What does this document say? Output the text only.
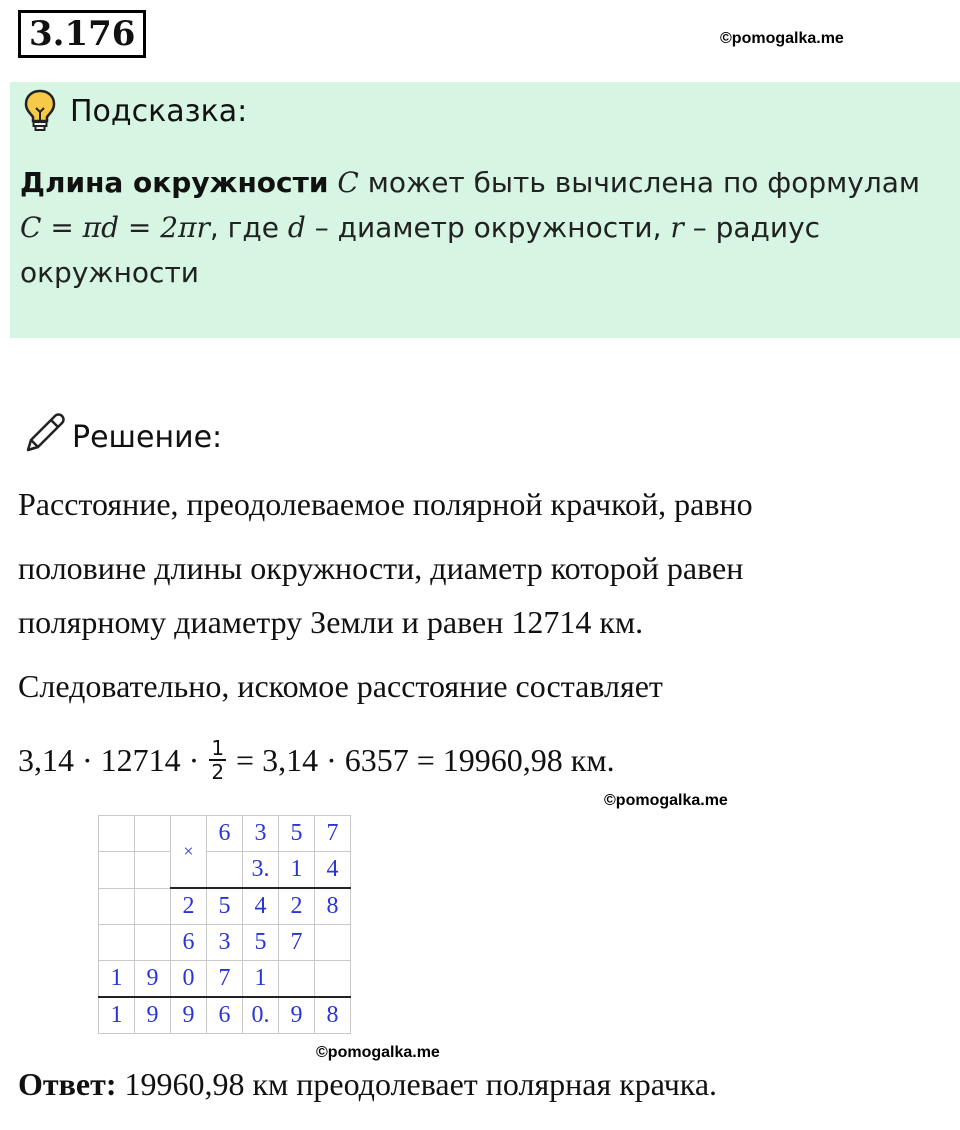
3.176	©pomogalka.me
Подсказка:
Длина окружности C может быть вычислена по формулам
C = πd = 2πr, где d – диаметр окружности, r – радиус окружности
Решение:
Расстояние, преодолеваемое полярной крачкой, равно
половине длины окружности, диаметр которой равен
полярному диаметру Земли и равен 12714 км.
Следовательно, искомое расстояние составляет
$3,14 \cdot 12714 \cdot \frac{1}{2} = 3,14 \cdot 6357 = 19960,98$ км.
©pomogalka.me
		×	6	3	5	7
				3.	1	4
		2	5	4	2	8
		6	3	5	7	
1	9	0	7	1		
1	9	9	6	0.	9	8
©pomogalka.me
Ответ: 19960,98 км преодолевает полярная крачка.
